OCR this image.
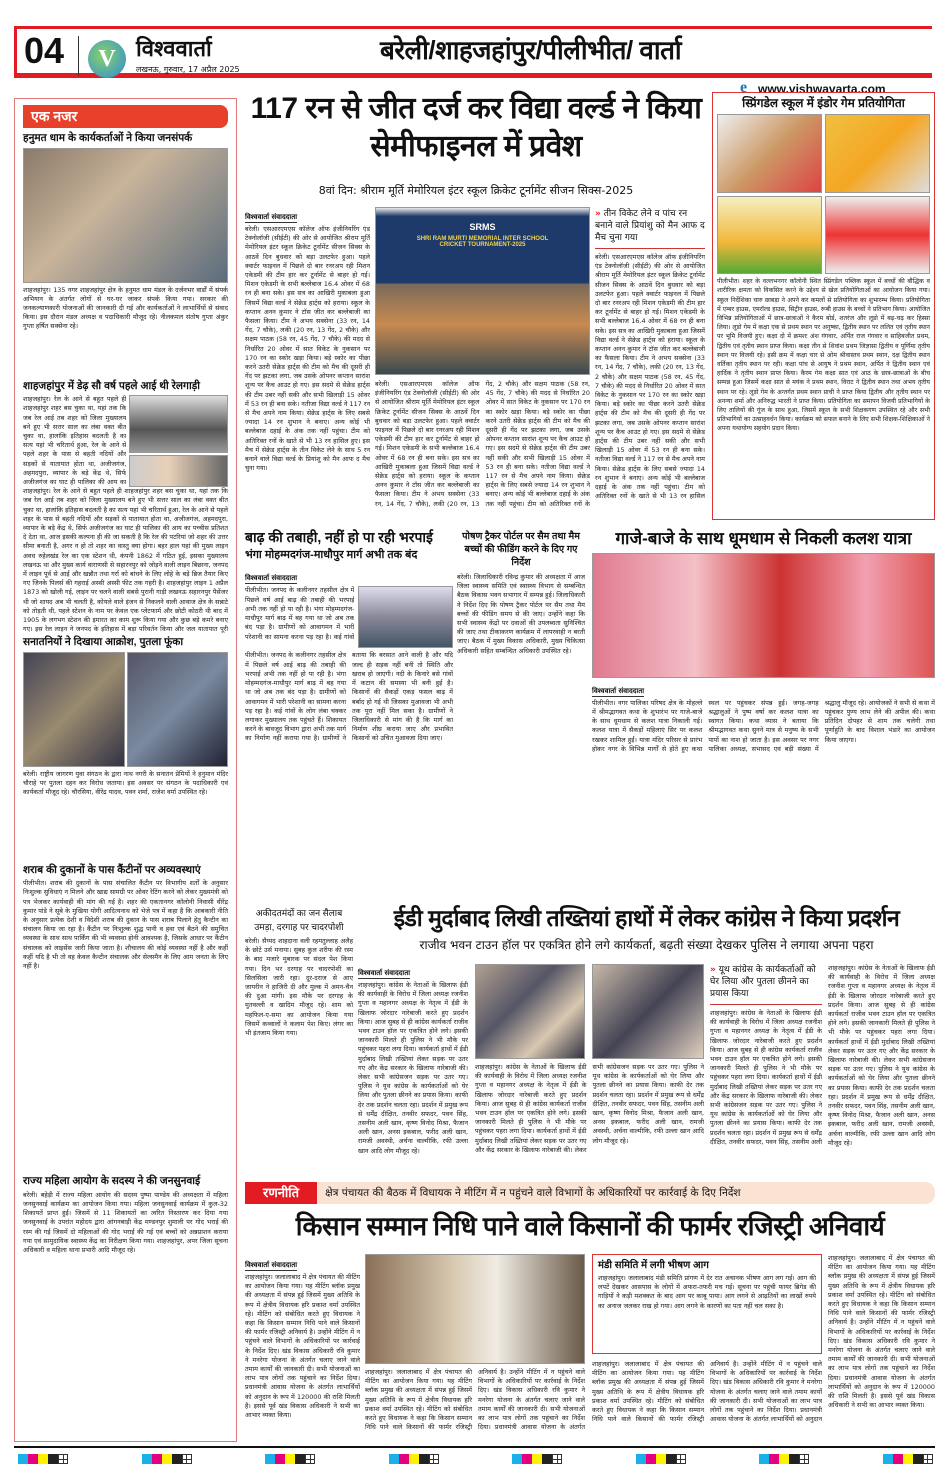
04	V विश्ववार्ता
लखनऊ, गुरुवार, 17 अप्रैल 2025
बरेली/शाहजहांपुर/पीलीभीत/ वार्ता
e www.vishwavarta.com
एक नजर
हनुमत धाम के कार्यकर्ताओं ने किया जनसंपर्क
शाहजहांपुर। 135 नगर शाहजहांपुर क्षेत्र के हनुमत धाम मंडल के दर्जनभर वार्डों में संपर्क अभियान के अंतर्गत लोगों से घर-घर जाकर संपर्क किया गया। सरकार की जनकल्याणकारी योजनाओं की जानकारी दी गई और कार्यकर्ताओं ने लाभार्थियों से संवाद किया। इस दौरान मंडल अध्यक्ष व पदाधिकारी मौजूद रहे। नीलकमल संतोष गुप्ता अंकुर गुप्ता हर्षित सक्सेना रहे।
शाहजहांपुर में डेढ़ सौ वर्ष पहले आई थी रेलगाड़ी
शाहजहांपुर। रेल के आने से बहुत पहले ही शाहजहांपुर शहर बस चुका था, यहां तक कि जब रेल आई तब शहर को जिला मुख्यालय बने हुए भी सत्तर साल का लंबा वक्त बीत चुका था, हालांकि इतिहास बदलती है का सत्य यहां भी चरितार्थ हुआ, रेल के आने से पहले शहर के पास से बहती नदियों और सड़कों से यातायात होता था, अजीजगंज, अहमदपुरा, व्यापार के बड़े केंद्र थे, सिर्फ अजीजगंज का घाट ही पालिका की आय का
शाहजहांपुर। रेल के आने से बहुत पहले ही शाहजहांपुर शहर बस चुका था, यहां तक कि जब रेल आई तब शहर को जिला मुख्यालय बने हुए भी सत्तर साल का लंबा वक्त बीत चुका था, हालांकि इतिहास बदलती है का सत्य यहां भी चरितार्थ हुआ, रेल के आने से पहले शहर के पास से बहती नदियों और सड़कों से यातायात होता था, अजीजगंज, अहमदपुरा, व्यापार के बड़े केंद्र थे, सिर्फ अजीजगंज का घाट ही पालिका की आय का पच्चीस प्रतिशत दे देता था, आज इसकी कल्पना ही की जा सकती है कि रेल की पटरियां जो शहर की उत्तर सीमा बनाती है, अगर न हो तो शहर का वास्तु क्या होगा। बहर हाल यहां की मुख्य लाइन अवध रुहेलखंड रेल का एक स्टेशन थी, कंपनी 1862 में गठित हुई, इसका मुख्यालय लखनऊ था और मुख्य कार्य वाराणसी से सहारनपुर को जोड़ने वाली लाइन बिछाना, जनपद में लाइन पूर्व से आई और खन्नौत तथा गर्रा को बांधने के लिए लोहे के बड़े ब्रिज तैयार किए गए जिनके पिलर्स की गहराई अस्सी अस्सी फीट तक गहरी है। शाहजहांपुर लाइन 1 अप्रैल 1873 को खोली गई, लाइन पर चलने वाली सबसे पुरानी गाड़ी लखनऊ सहारनपुर पैसेंजर थी जो शायद अब भी चलती है, कोयले वाले इंजन से निकलने वाली आवाज क्षेत्र के सन्नाटे को तोड़ती थी, पहले स्टेशन के नाम पर केवल एक प्लेटफार्म और छोटी कोठरी थी बाद में 1905 के लगभग स्टेशन की इमारत का काम शुरू किया गया और कुछ बड़े कमरे बनाए गए। इस रेल लाइन ने जनपद के इतिहास में बड़ा परिवर्तन किया और जल यातायात पूरी
सनातनियों ने दिखाया आक्रोश, पुतला फूंका
बरेली। राष्ट्रीय जागरण युवा संगठन के द्वारा नाथ नगरी के सनातन प्रेमियों ने हनुमान मंदिर चौराहे पर पुतला दहन कर विरोध जताया। इस अवसर पर संगठन के पदाधिकारी एवं कार्यकर्ता मौजूद रहे। चौरसिया, वीरेंद्र यादव, पवन शर्मा, राजेश वर्मा उपस्थित रहे।
शराब की दुकानों के पास कैंटीनों पर अव्यवस्थाएं
पीलीभीत। शराब की दुकानों के पास संचालित कैंटीन पर विभागीय शर्तों के अनुसार निःशुल्क सुविधाएं न मिलने और खाद्य सामग्री पर ओवर रेटिंग करने को लेकर मुख्यमंत्री को पत्र भेजकर कार्यवाही की मांग की गई है। शहर की एकतानगर कॉलोनी निवासी वीरेंद्र कुमार पांडे ने सूबे के मुखिया योगी आदित्यनाथ को भेजे पत्र में कहा है कि आबकारी नीति के अनुसार प्रत्येक देशी व विदेशी शराब की दुकान के पास शराब पिलाने हेतु कैन्टीन का संचालन किया जा रहा है। कैंटीन पर निःशुल्क शुद्ध पानी व हवा एवं बैठने की समुचित व्यवस्था के साथ साथ पार्किंग की भी व्यवस्था होनी आवश्यक है, जिसके आधार पर कैंटीन संचालक को लाइसेंस जारी किया जाता है। शौचालय की कोई व्यवस्था नहीं है और कहीं कहीं यदि है भी तो वह केवल कैन्टीन संचालक और सेल्समैन के लिए आम जनता के लिए नहीं है।
राज्य महिला आयोग के सदस्य ने की जनसुनवाई
बरेली। बहेड़ी में राज्य महिला आयोग की सदस्य पुष्पा पाण्डेय की अध्यक्षता में महिला जनसुनवाई कार्यक्रम का आयोजन किया गया। महिला जनसुनवाई कार्यक्रम में कुल-32 शिकायतें प्राप्त हुईं। जिसमें से 11 शिकायतों का त्वरित निस्तारण कर दिया गया जनसुनवाई के उपरांत महोदय द्वारा आंगनबाड़ी केंद्र मण्डनपुर शुमाली पर गोद भराई की रस्म की गई जिसमें दो महिलाओं की गोद भराई की गई एवं बच्चों को अन्नप्राशन कराया गया एवं सामुदायिक स्वास्थ्य केंद्र का निरीक्षण किया गया। शाहजहांपुर, अपर जिला सूचना अधिकारी व महिला थाना प्रभारी आदि मौजूद रहे।
117 रन से जीत दर्ज कर विद्या वर्ल्ड ने किया सेमीफाइनल में प्रवेश
8वां दिन: श्रीराम मूर्ति मेमोरियल इंटर स्कूल क्रिकेट टूर्नामेंट सीजन सिक्स-2025
विश्ववार्ता संवाददाता
बरेली। एसआरएमएस कॉलेज ऑफ इंजीनियरिंग एंड टेक्नोलॉजी (सीईटी) की ओर से आयोजित श्रीराम मूर्ति मेमोरियल इंटर स्कूल क्रिकेट टूर्नामेंट सीजन सिक्स के आठवें दिन बुधवार को बड़ा उलटफेर हुआ। पहले क्वार्टर फाइनल में पिछले दो बार रनरअप रही मिशन एकेडमी की टीम हार कर टूर्नामेंट से बाहर हो गई। मिशन एकेडमी के सभी बल्लेबाज 16.4 ओवर में 68 रन ही बना सके। इस सत्र का आखिरी मुकाबला हुआ जिसमें विद्या वर्ल्ड ने सेक्रेड हार्ट्स को हराया। स्कूल के कप्तान अनन कुमार ने टॉस जीत कर बल्लेबाजी का फैसला किया। टीम ने अभय सक्सेना (33 रन, 14 गेंद, 7 चौके), लकी (20 रन, 13 गेंद, 2 चौके) और सक्षम पाठक (58 रन, 45 गेंद, 7 चौके) की मदद से निर्धारित 20 ओवर में सात विकेट के नुकसान पर 170 रन का स्कोर खड़ा किया। बड़े स्कोर का पीछा करने उतरी सेक्रेड हार्ट्स की टीम को मैच की दूसरी ही गेंद पर झटका लगा, जब उसके ओपनर कप्तान सारांश शून्य पर कैच आउट हो गए। इस सदमे से सेक्रेड हार्ट्स की टीम उबर नहीं सकी और सभी खिलाड़ी 15 ओवर में 53 रन ही बना सके। नतीजा विद्या वर्ल्ड ने 117 रन से मैच अपने नाम किया। सेक्रेड हार्ट्स के लिए सबसे ज्यादा 14 रन शुभान ने बनाए। अन्य कोई भी बल्लेबाज दहाई के अंक तक नहीं पहुंचा। टीम को अतिरिक्त रनों के खाते से भी 13 रन हासिल हुए। इस मैच में सेक्रेड हार्ट्स के तीन विकेट लेने के साथ 5 रन बनाने वाले विद्या वर्ल्ड के प्रियांशु को मैन आफ द मैच चुना गया।
SRMS
SHRI RAM MURTI MEMORIAL INTER SCHOOL CRICKET TOURNAMENT-2025
बरेली। एसआरएमएस कॉलेज ऑफ इंजीनियरिंग एंड टेक्नोलॉजी (सीईटी) की ओर से आयोजित श्रीराम मूर्ति मेमोरियल इंटर स्कूल क्रिकेट टूर्नामेंट सीजन सिक्स के आठवें दिन बुधवार को बड़ा उलटफेर हुआ। पहले क्वार्टर फाइनल में पिछले दो बार रनरअप रही मिशन एकेडमी की टीम हार कर टूर्नामेंट से बाहर हो गई। मिशन एकेडमी के सभी बल्लेबाज 16.4 ओवर में 68 रन ही बना सके। इस सत्र का आखिरी मुकाबला हुआ जिसमें विद्या वर्ल्ड ने सेक्रेड हार्ट्स को हराया। स्कूल के कप्तान अनन कुमार ने टॉस जीत कर बल्लेबाजी का फैसला किया। टीम ने अभय सक्सेना (33 रन, 14 गेंद, 7 चौके), लकी (20 रन, 13 गेंद, 2 चौके) और सक्षम पाठक (58 रन, 45 गेंद, 7 चौके) की मदद से निर्धारित 20 ओवर में सात विकेट के नुकसान पर 170 रन का स्कोर खड़ा किया। बड़े स्कोर का पीछा करने उतरी सेक्रेड हार्ट्स की टीम को मैच की दूसरी ही गेंद पर झटका लगा, जब उसके ओपनर कप्तान सारांश शून्य पर कैच आउट हो गए। इस सदमे से सेक्रेड हार्ट्स की टीम उबर नहीं सकी और सभी खिलाड़ी 15 ओवर में 53 रन ही बना सके। नतीजा विद्या वर्ल्ड ने 117 रन से मैच अपने नाम किया। सेक्रेड हार्ट्स के लिए सबसे ज्यादा 14 रन शुभान ने बनाए। अन्य कोई भी बल्लेबाज दहाई के अंक तक नहीं पहुंचा। टीम को अतिरिक्त रनों के
» तीन विकेट लेने व पांच रन बनाने वाले प्रियांशु को मैन आफ द मैच चुना गया
बरेली। एसआरएमएस कॉलेज ऑफ इंजीनियरिंग एंड टेक्नोलॉजी (सीईटी) की ओर से आयोजित श्रीराम मूर्ति मेमोरियल इंटर स्कूल क्रिकेट टूर्नामेंट सीजन सिक्स के आठवें दिन बुधवार को बड़ा उलटफेर हुआ। पहले क्वार्टर फाइनल में पिछले दो बार रनरअप रही मिशन एकेडमी की टीम हार कर टूर्नामेंट से बाहर हो गई। मिशन एकेडमी के सभी बल्लेबाज 16.4 ओवर में 68 रन ही बना सके। इस सत्र का आखिरी मुकाबला हुआ जिसमें विद्या वर्ल्ड ने सेक्रेड हार्ट्स को हराया। स्कूल के कप्तान अनन कुमार ने टॉस जीत कर बल्लेबाजी का फैसला किया। टीम ने अभय सक्सेना (33 रन, 14 गेंद, 7 चौके), लकी (20 रन, 13 गेंद, 2 चौके) और सक्षम पाठक (58 रन, 45 गेंद, 7 चौके) की मदद से निर्धारित 20 ओवर में सात विकेट के नुकसान पर 170 रन का स्कोर खड़ा किया। बड़े स्कोर का पीछा करने उतरी सेक्रेड हार्ट्स की टीम को मैच की दूसरी ही गेंद पर झटका लगा, जब उसके ओपनर कप्तान सारांश शून्य पर कैच आउट हो गए। इस सदमे से सेक्रेड हार्ट्स की टीम उबर नहीं सकी और सभी खिलाड़ी 15 ओवर में 53 रन ही बना सके। नतीजा विद्या वर्ल्ड ने 117 रन से मैच अपने नाम किया। सेक्रेड हार्ट्स के लिए सबसे ज्यादा 14 रन शुभान ने बनाए। अन्य कोई भी बल्लेबाज दहाई के अंक तक नहीं पहुंचा। टीम को अतिरिक्त रनों के खाते से भी 13 रन हासिल
स्प्रिंगडेल स्कूल में इंडोर गेम प्रतियोगिता
पीलीभीत। शहर के वल्लभनगर कॉलोनी स्थित स्प्रिंगडेल पब्लिक स्कूल में बच्चों की बौद्धिक व शारीरिक क्षमता को विकसित करने के उद्देश्य से खेल प्रतियोगिताओं का आयोजन किया गया। स्कूल निर्देशिका चारु छाबड़ा ने अपने कर कमलों से प्रतियोगिता का शुभारम्भ किया। प्रतियोगिता में एम्बर हाउस, एमरॉल्ड हाउस, सिट्रीन हाउस, रूबी हाउस के बच्चों ने प्रतिभाग किया। आयोजित विभिन्न प्रतियोगिताओं में छात्र-छात्राओं ने कैरम बोर्ड, शतरंज और लूडो में बढ़-चढ़ कर हिस्सा लिया। लूडो गेम में कक्षा एक से प्रथम स्थान पर अनुष्का, द्वितीय स्थान पर ललित एवं तृतीय स्थान पर भूमि विजयी हुए। कक्षा दो में क्रमशः अंश गंगवार, अर्पित राज गंगवार व साहिबजीत प्रथम, द्वितीय एवं तृतीय स्थान प्राप्त किया। कक्षा तीन से शिवांश प्रथम जिज्ञासा द्वितीय व पूर्णिमा तृतीय स्थान पर विजयी रहे। इसी क्रम में कक्षा चार से ओम श्रीवास्तव प्रथम स्थान, दक्ष द्वितीय स्थान वर्तिका तृतीय स्थान पर रही। कक्षा पांच से आयुष ने प्रथम स्थान, अर्पित ने द्वितीय स्थान एवं हार्दिक ने तृतीय स्थान प्राप्त किया। कैरम गेम कक्षा सात एवं आठ के छात्र-छात्राओं के बीच सम्पन्न हुआ जिसमें कक्षा सात से मयंक ने प्रथम स्थान, विराट ने द्वितीय स्थान तथा अभय तृतीय स्थान पर रहे। लूडो गेम के अन्तर्गत प्रथम स्थान प्राची ने प्राप्त किया द्वितीय और तृतीय स्थान पर अनन्या शर्मा और अनिरुद्ध भारती ने प्राप्त किया। प्रतियोगिता का समापन विजयी प्रतिभागियों के लिए तालियों की गूंज के साथ हुआ, जिसमें स्कूल के सभी शिक्षकगण उपस्थित रहे और सभी प्रतिभागियों का उत्साहवर्धन किया। कार्यक्रम को सफल बनाने के लिए सभी शिक्षक-शिक्षिकाओं ने अपना यथायोग्य सहयोग प्रदान किया।
बाढ़ की तबाही, नहीं हो पा रही भरपाई
भंगा मोहम्मदगंज-माधौपुर मार्ग अभी तक बंद
विश्ववार्ता संवाददाता
पीलीभीत। जनपद के कलीनगर तहसील क्षेत्र में पिछले वर्ष आई बाढ़ की तबाही की भरपाई अभी तक नहीं हो पा रही है। भंगा मोहम्मदगंज-माधौपुर मार्ग बाढ़ में बह गया था जो अब तक बंद पड़ा है। ग्रामीणों को आवागमन में भारी परेशानी का सामना करना पड़ रहा है। कई गांवों
पीलीभीत। जनपद के कलीनगर तहसील क्षेत्र में पिछले वर्ष आई बाढ़ की तबाही की भरपाई अभी तक नहीं हो पा रही है। भंगा मोहम्मदगंज-माधौपुर मार्ग बाढ़ में बह गया था जो अब तक बंद पड़ा है। ग्रामीणों को आवागमन में भारी परेशानी का सामना करना पड़ रहा है। कई गांवों के लोग लंबा चक्कर लगाकर मुख्यालय तक पहुंचते हैं। शिकायत करने के बावजूद विभाग द्वारा अभी तक मार्ग का निर्माण नहीं कराया गया है। ग्रामीणों ने बताया कि बरसात आने वाली है और यदि जल्द ही सड़क नहीं बनी तो स्थिति और खराब हो जाएगी। नदी के किनारे बसे गांवों में कटान की समस्या भी बनी हुई है। किसानों की सैकड़ों एकड़ फसल बाढ़ में बर्बाद हो गई थी जिसका मुआवजा भी अभी तक पूरा नहीं मिल सका है। ग्रामीणों ने जिलाधिकारी से मांग की है कि मार्ग का निर्माण शीघ्र कराया जाए और प्रभावित किसानों को उचित मुआवजा दिया जाए।
पोषण ट्रैकर पोर्टल पर सैम तथा मैम बच्चों की फीडिंग करने के दिए गए निर्देश
बरेली। जिलाधिकारी रविन्द्र कुमार की अध्यक्षता में आज जिला स्वास्थ्य समिति एवं स्वास्थ्य विभाग से सम्बन्धित बैठक विकास भवन सभागार में सम्पन्न हुई। जिलाधिकारी ने निर्देश दिए कि पोषण ट्रैकर पोर्टल पर सैम तथा मैम बच्चों की फीडिंग समय से की जाए। उन्होंने कहा कि सभी स्वास्थ्य केंद्रों पर दवाओं की उपलब्धता सुनिश्चित की जाए तथा टीकाकरण कार्यक्रम में लापरवाही न बरती जाए। बैठक में मुख्य विकास अधिकारी, मुख्य चिकित्सा अधिकारी सहित सम्बन्धित अधिकारी उपस्थित रहे।
गाजे-बाजे के साथ धूमधाम से निकली कलश यात्रा
विश्ववार्ता संवाददाता
पीलीभीत। नगर पालिका परिषद क्षेत्र के मोहल्ले में श्रीमद्भागवत कथा के शुभारंभ पर गाजे-बाजे के साथ धूमधाम से कलश यात्रा निकाली गई। कलश यात्रा में सैकड़ों महिलाएं सिर पर कलश रखकर शामिल हुईं। यात्रा मंदिर परिसर से प्रारंभ होकर नगर के विभिन्न मार्गों से होते हुए कथा स्थल पर पहुंचकर संपन्न हुई। जगह-जगह श्रद्धालुओं ने पुष्प वर्षा कर कलश यात्रा का स्वागत किया। कथा व्यास ने बताया कि श्रीमद्भागवत कथा सुनने मात्र से मनुष्य के सभी पापों का नाश हो जाता है। इस अवसर पर नगर पालिका अध्यक्ष, सभासद एवं बड़ी संख्या में श्रद्धालु मौजूद रहे। आयोजकों ने सभी से कथा में पहुंचकर पुण्य लाभ लेने की अपील की। कथा प्रतिदिन दोपहर से शाम तक चलेगी तथा पूर्णाहुति के बाद विशाल भंडारे का आयोजन किया जाएगा।
अकीदतमंदों का जन सैलाब उमड़ा, दरगाह पर चादरपोशी
बरेली। सैय्यद शाहदाना वली रहमतुल्लाह अलैह के छोटे उर्स मनाया। सुबह कुल शरीफ की रस्म के बाद मजारे मुबारक पर संदल पेश किया गया। दिन भर दरगाह पर चादरपोशी का सिलसिला जारी रहा। दूर-दराज से आए जायरीन ने हाजिरी दी और मुल्क में अमन-चैन की दुआ मांगी। इस मौके पर दरगाह के मुतवल्ली व खादिम मौजूद रहे। शाम को महफिल-ए-समा का आयोजन किया गया जिसमें कव्वालों ने कलाम पेश किए। लंगर का भी इंतजाम किया गया।
ईडी मुर्दाबाद लिखी तख्तियां हाथों में लेकर कांग्रेस ने किया प्रदर्शन
राजीव भवन टाउन हॉल पर एकत्रित होने लगे कार्यकर्ता, बढ़ती संख्या देखकर पुलिस ने लगाया अपना पहरा
विश्ववार्ता संवाददाता
शाहजहांपुर। कांग्रेस के नेताओं के खिलाफ ईडी की कार्यवाही के विरोध में जिला अध्यक्ष रजनीश गुप्ता व महानगर अध्यक्ष के नेतृत्व में ईडी के खिलाफ जोरदार नारेबाजी करते हुए प्रदर्शन किया। आज सुबह से ही कांग्रेस कार्यकर्ता राजीव भवन टाउन हॉल पर एकत्रित होने लगे। इसकी जानकारी मिलते ही पुलिस ने भी मौके पर पहुंचकर पहरा लगा दिया। कार्यकर्ता हाथों में ईडी मुर्दाबाद लिखी तख्तियां लेकर सड़क पर उतर गए और केंद्र सरकार के खिलाफ नारेबाजी की। लेकर सभी कांग्रेसजन सड़क पर उतर गए। पुलिस ने यूथ कांग्रेस के कार्यकर्ताओं को घेर लिया और पुतला छीनने का प्रयास किया। काफी देर तक प्रदर्शन चलता रहा। प्रदर्शन में प्रमुख रूप से धर्मेंद्र दीक्षित, तनवीर सफदर, पवन सिंह, तसनीम अली खान, कृष्ण विनोद मिश्रा, फैजान अली खान, अनस इकबाल, फरीद अली खान, रामजी अवस्थी, अर्चना वाल्मीकि, रफी उल्ला खान आदि लोग मौजूद रहे।
शाहजहांपुर। कांग्रेस के नेताओं के खिलाफ ईडी की कार्यवाही के विरोध में जिला अध्यक्ष रजनीश गुप्ता व महानगर अध्यक्ष के नेतृत्व में ईडी के खिलाफ जोरदार नारेबाजी करते हुए प्रदर्शन किया। आज सुबह से ही कांग्रेस कार्यकर्ता राजीव भवन टाउन हॉल पर एकत्रित होने लगे। इसकी जानकारी मिलते ही पुलिस ने भी मौके पर पहुंचकर पहरा लगा दिया। कार्यकर्ता हाथों में ईडी मुर्दाबाद लिखी तख्तियां लेकर सड़क पर उतर गए और केंद्र सरकार के खिलाफ नारेबाजी की। लेकर सभी कांग्रेसजन सड़क पर उतर गए। पुलिस ने यूथ कांग्रेस के कार्यकर्ताओं को घेर लिया और पुतला छीनने का प्रयास किया। काफी देर तक प्रदर्शन चलता रहा। प्रदर्शन में प्रमुख रूप से धर्मेंद्र दीक्षित, तनवीर सफदर, पवन सिंह, तसनीम अली खान, कृष्ण विनोद मिश्रा, फैजान अली खान, अनस इकबाल, फरीद अली खान, रामजी अवस्थी, अर्चना वाल्मीकि, रफी उल्ला खान आदि लोग मौजूद रहे।
» यूथ कांग्रेस के कार्यकर्ताओं को घेर लिया और पुतला छीनने का प्रयास किया
शाहजहांपुर। कांग्रेस के नेताओं के खिलाफ ईडी की कार्यवाही के विरोध में जिला अध्यक्ष रजनीश गुप्ता व महानगर अध्यक्ष के नेतृत्व में ईडी के खिलाफ जोरदार नारेबाजी करते हुए प्रदर्शन किया। आज सुबह से ही कांग्रेस कार्यकर्ता राजीव भवन टाउन हॉल पर एकत्रित होने लगे। इसकी जानकारी मिलते ही पुलिस ने भी मौके पर पहुंचकर पहरा लगा दिया। कार्यकर्ता हाथों में ईडी मुर्दाबाद लिखी तख्तियां लेकर सड़क पर उतर गए और केंद्र सरकार के खिलाफ नारेबाजी की। लेकर सभी कांग्रेसजन सड़क पर उतर गए। पुलिस ने यूथ कांग्रेस के कार्यकर्ताओं को घेर लिया और पुतला छीनने का प्रयास किया। काफी देर तक प्रदर्शन चलता रहा। प्रदर्शन में प्रमुख रूप से धर्मेंद्र दीक्षित, तनवीर सफदर, पवन सिंह, तसनीम अली
शाहजहांपुर। कांग्रेस के नेताओं के खिलाफ ईडी की कार्यवाही के विरोध में जिला अध्यक्ष रजनीश गुप्ता व महानगर अध्यक्ष के नेतृत्व में ईडी के खिलाफ जोरदार नारेबाजी करते हुए प्रदर्शन किया। आज सुबह से ही कांग्रेस कार्यकर्ता राजीव भवन टाउन हॉल पर एकत्रित होने लगे। इसकी जानकारी मिलते ही पुलिस ने भी मौके पर पहुंचकर पहरा लगा दिया। कार्यकर्ता हाथों में ईडी मुर्दाबाद लिखी तख्तियां लेकर सड़क पर उतर गए और केंद्र सरकार के खिलाफ नारेबाजी की। लेकर सभी कांग्रेसजन सड़क पर उतर गए। पुलिस ने यूथ कांग्रेस के कार्यकर्ताओं को घेर लिया और पुतला छीनने का प्रयास किया। काफी देर तक प्रदर्शन चलता रहा। प्रदर्शन में प्रमुख रूप से धर्मेंद्र दीक्षित, तनवीर सफदर, पवन सिंह, तसनीम अली खान, कृष्ण विनोद मिश्रा, फैजान अली खान, अनस इकबाल, फरीद अली खान, रामजी अवस्थी, अर्चना वाल्मीकि, रफी उल्ला खान आदि लोग मौजूद रहे।
रणनीति	क्षेत्र पंचायत की बैठक में विधायक ने मीटिंग में न पहुंचने वाले विभागों के अधिकारियों पर कार्रवाई के दिए निर्देश
किसान सम्मान निधि पाने वाले किसानों की फार्मर रजिस्ट्री अनिवार्य
विश्ववार्ता संवाददाता
शाहजहांपुर। जलालाबाद में क्षेत्र पंचायत की मीटिंग का आयोजन किया गया। यह मीटिंग ब्लॉक प्रमुख की अध्यक्षता में संपन्न हुई जिसमें मुख्य अतिथि के रूप में क्षेत्रीय विधायक हरि प्रकाश वर्मा उपस्थित रहे। मीटिंग को संबोधित करते हुए विधायक ने कहा कि किसान सम्मान निधि पाने वाले किसानों की फार्मर रजिस्ट्री अनिवार्य है। उन्होंने मीटिंग में न पहुंचने वाले विभागों के अधिकारियों पर कार्रवाई के निर्देश दिए। खंड विकास अधिकारी रवि कुमार ने मनरेगा योजना के अंतर्गत चलाए जाने वाले तमाम कार्यों की जानकारी दी। सभी योजनाओं का लाभ पात्र लोगों तक पहुंचाने का निर्देश दिया। प्रधानमंत्री आवास योजना के अंतर्गत लाभार्थियों को अनुदान के रूप में 120000 की राशि मिलती है। इससे पूर्व खंड विकास अधिकारी ने सभी का आभार व्यक्त किया।
शाहजहांपुर। जलालाबाद में क्षेत्र पंचायत की मीटिंग का आयोजन किया गया। यह मीटिंग ब्लॉक प्रमुख की अध्यक्षता में संपन्न हुई जिसमें मुख्य अतिथि के रूप में क्षेत्रीय विधायक हरि प्रकाश वर्मा उपस्थित रहे। मीटिंग को संबोधित करते हुए विधायक ने कहा कि किसान सम्मान निधि पाने वाले किसानों की फार्मर रजिस्ट्री अनिवार्य है। उन्होंने मीटिंग में न पहुंचने वाले विभागों के अधिकारियों पर कार्रवाई के निर्देश दिए। खंड विकास अधिकारी रवि कुमार ने मनरेगा योजना के अंतर्गत चलाए जाने वाले तमाम कार्यों की जानकारी दी। सभी योजनाओं का लाभ पात्र लोगों तक पहुंचाने का निर्देश दिया। प्रधानमंत्री आवास योजना के अंतर्गत
मंडी समिति में लगी भीषण आग
शाहजहांपुर। जलालाबाद मंडी समिति प्रांगण में देर रात अचानक भीषण आग लग गई। आग की लपटें देखकर आसपास के लोगों में अफरा-तफरी मच गई। सूचना पर पहुंची फायर ब्रिगेड की गाड़ियों ने कड़ी मशक्कत के बाद आग पर काबू पाया। आग लगने से आढ़तियों का लाखों रुपये का अनाज जलकर राख हो गया। आग लगने के कारणों का पता नहीं चल सका है।
शाहजहांपुर। जलालाबाद में क्षेत्र पंचायत की मीटिंग का आयोजन किया गया। यह मीटिंग ब्लॉक प्रमुख की अध्यक्षता में संपन्न हुई जिसमें मुख्य अतिथि के रूप में क्षेत्रीय विधायक हरि प्रकाश वर्मा उपस्थित रहे। मीटिंग को संबोधित करते हुए विधायक ने कहा कि किसान सम्मान निधि पाने वाले किसानों की फार्मर रजिस्ट्री अनिवार्य है। उन्होंने मीटिंग में न पहुंचने वाले विभागों के अधिकारियों पर कार्रवाई के निर्देश दिए। खंड विकास अधिकारी रवि कुमार ने मनरेगा योजना के अंतर्गत चलाए जाने वाले तमाम कार्यों की जानकारी दी। सभी योजनाओं का लाभ पात्र लोगों तक पहुंचाने का निर्देश दिया। प्रधानमंत्री आवास योजना के अंतर्गत लाभार्थियों को अनुदान
शाहजहांपुर। जलालाबाद में क्षेत्र पंचायत की मीटिंग का आयोजन किया गया। यह मीटिंग ब्लॉक प्रमुख की अध्यक्षता में संपन्न हुई जिसमें मुख्य अतिथि के रूप में क्षेत्रीय विधायक हरि प्रकाश वर्मा उपस्थित रहे। मीटिंग को संबोधित करते हुए विधायक ने कहा कि किसान सम्मान निधि पाने वाले किसानों की फार्मर रजिस्ट्री अनिवार्य है। उन्होंने मीटिंग में न पहुंचने वाले विभागों के अधिकारियों पर कार्रवाई के निर्देश दिए। खंड विकास अधिकारी रवि कुमार ने मनरेगा योजना के अंतर्गत चलाए जाने वाले तमाम कार्यों की जानकारी दी। सभी योजनाओं का लाभ पात्र लोगों तक पहुंचाने का निर्देश दिया। प्रधानमंत्री आवास योजना के अंतर्गत लाभार्थियों को अनुदान के रूप में 120000 की राशि मिलती है। इससे पूर्व खंड विकास अधिकारी ने सभी का आभार व्यक्त किया।
